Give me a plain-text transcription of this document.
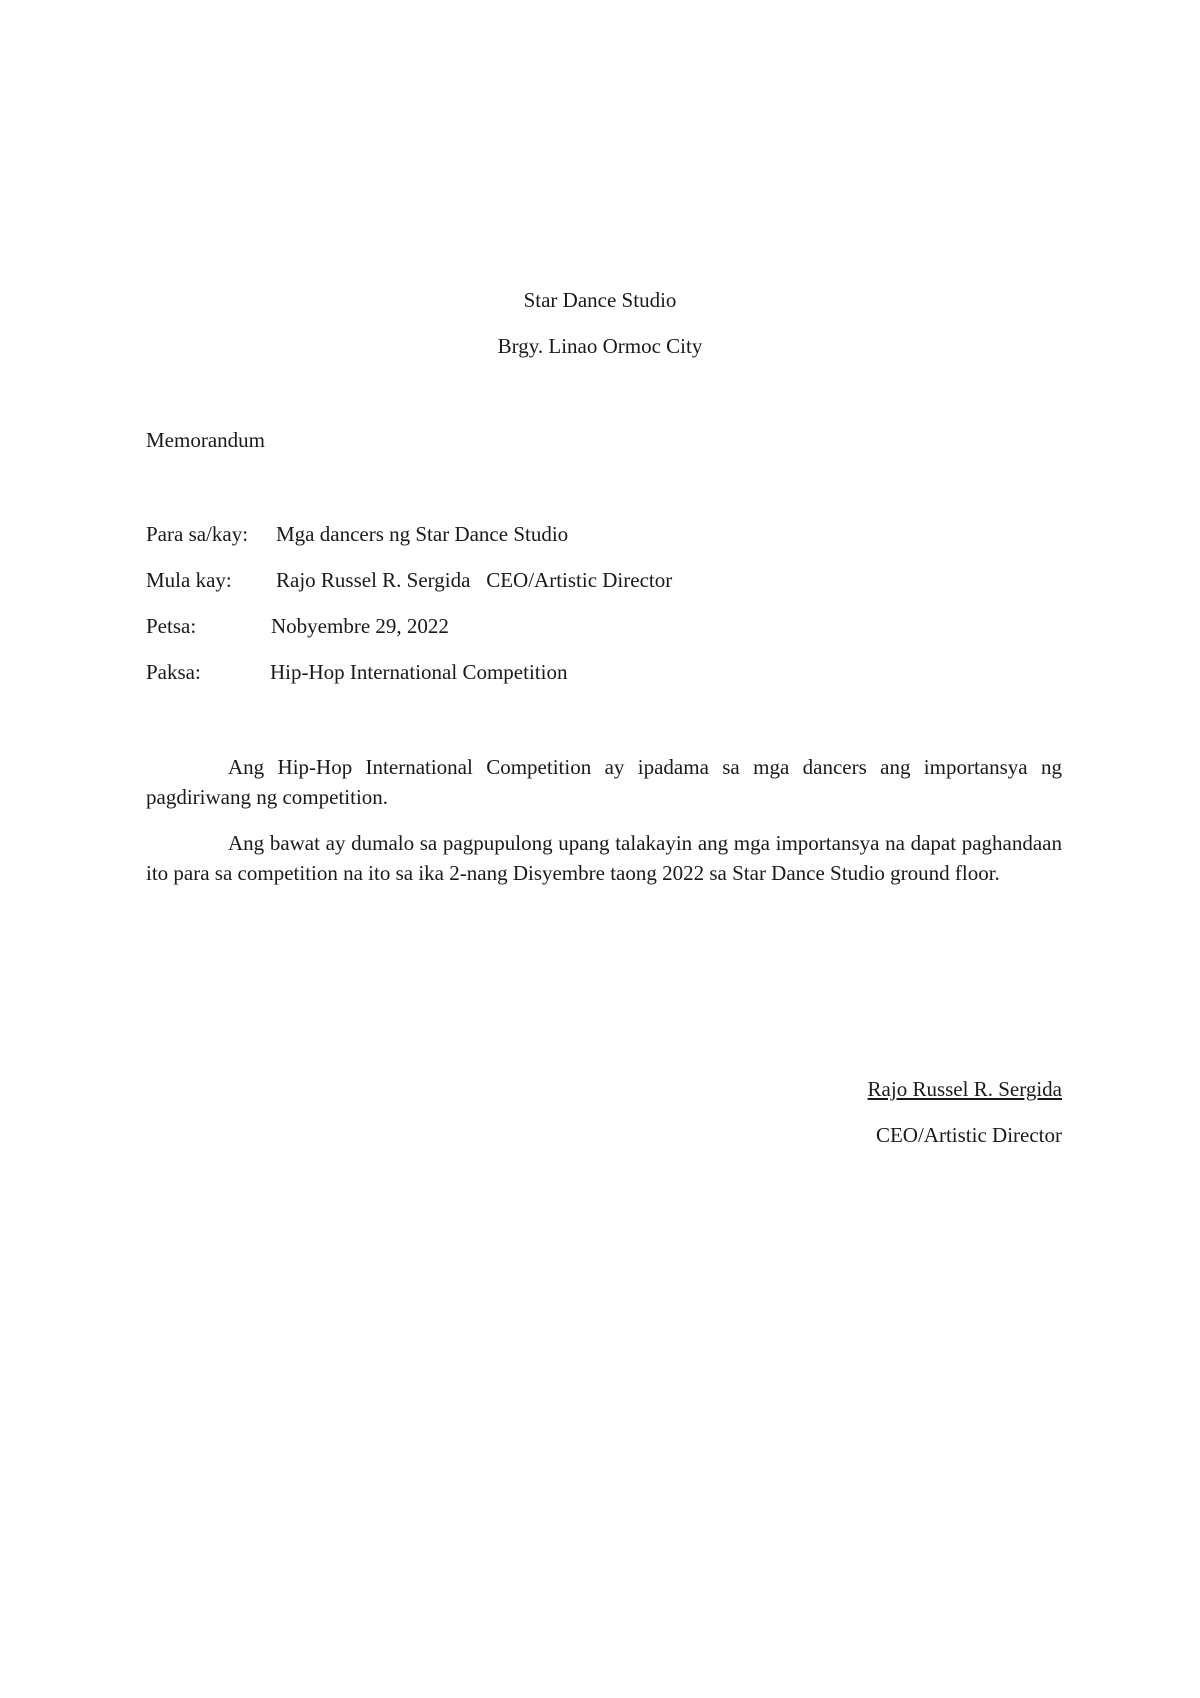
Star Dance Studio
Brgy. Linao Ormoc City
Memorandum
Para sa/kay: Mga dancers ng Star Dance Studio
Mula kay: Rajo Russel R. Sergida   CEO/Artistic Director
Petsa:	Nobyembre 29, 2022
Paksa:	Hip-Hop International Competition
Ang Hip-Hop International Competition ay ipadama sa mga dancers ang importansya ng pagdiriwang ng competition.
Ang bawat ay dumalo sa pagpupulong upang talakayin ang mga importansya na dapat paghandaan ito para sa competition na ito sa ika 2-nang Disyembre taong 2022 sa Star Dance Studio ground floor.
Rajo Russel R. Sergida
CEO/Artistic Director
